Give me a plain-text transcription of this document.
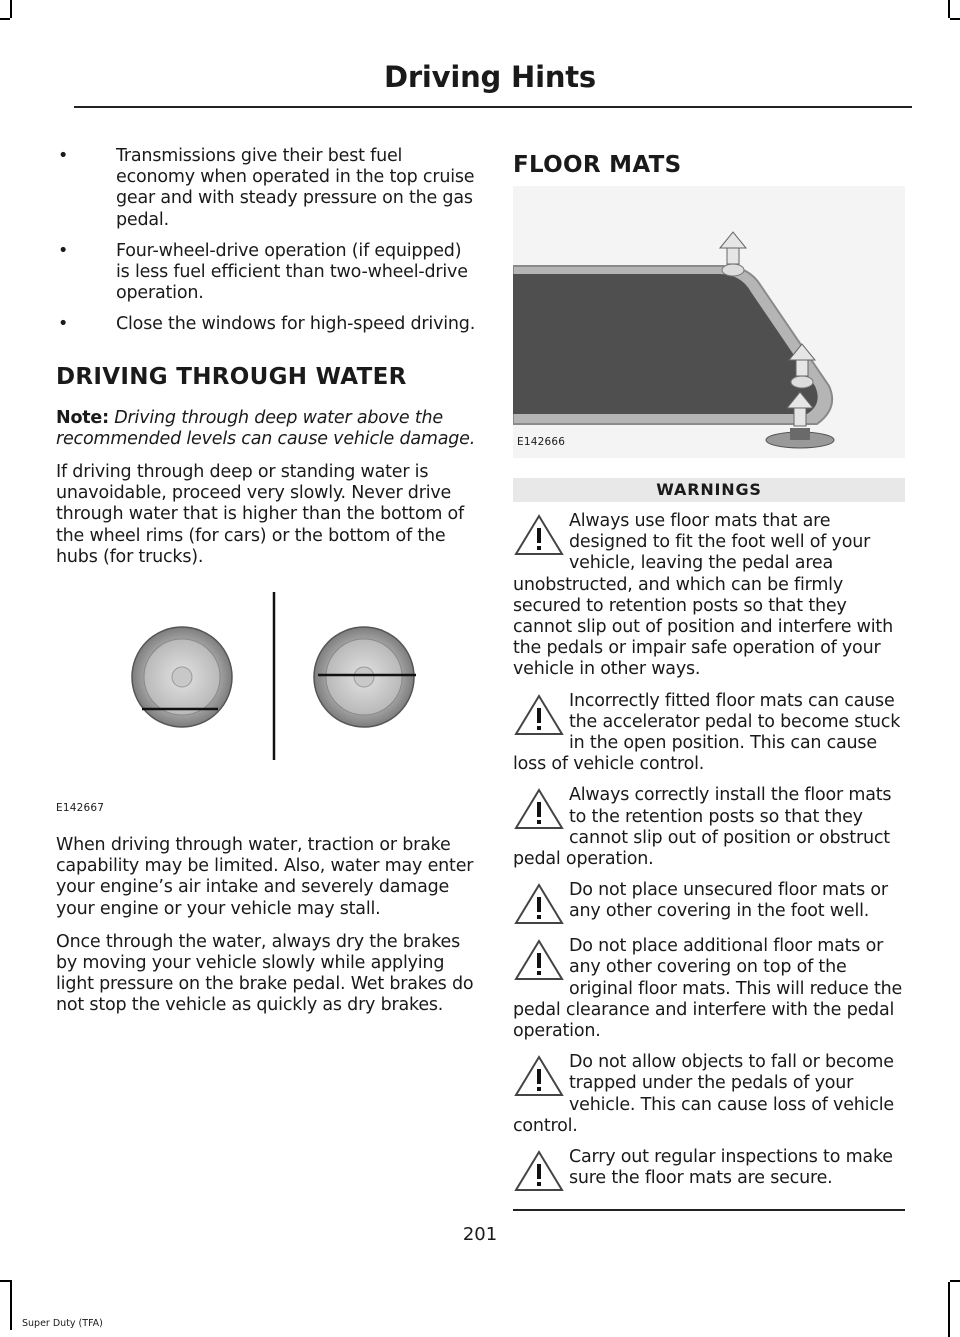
Driving Hints
•	Transmissions give their best fuel economy when operated in the top cruise gear and with steady pressure on the gas pedal.
•	Four-wheel-drive operation (if equipped) is less fuel efficient than two-wheel-drive operation.
•	Close the windows for high-speed driving.
DRIVING THROUGH WATER

Note: Driving through deep water above the recommended levels can cause vehicle damage.

If driving through deep or standing water is unavoidable, proceed very slowly. Never drive through water that is higher than the bottom of the wheel rims (for cars) or the bottom of the hubs (for trucks).

E142667

When driving through water, traction or brake capability may be limited. Also, water may enter your engine’s air intake and severely damage your engine or your vehicle may stall.

Once through the water, always dry the brakes by moving your vehicle slowly while applying light pressure on the brake pedal. Wet brakes do not stop the vehicle as quickly as dry brakes.

FLOOR MATS
E142666
WARNINGS

Always use floor mats that are designed to fit the foot well of your vehicle, leaving the pedal area unobstructed, and which can be firmly secured to retention posts so that they cannot slip out of position and interfere with the pedals or impair safe operation of your vehicle in other ways.

Incorrectly fitted floor mats can cause the accelerator pedal to become stuck in the open position. This can cause loss of vehicle control.

Always correctly install the floor mats to the retention posts so that they cannot slip out of position or obstruct pedal operation.

Do not place unsecured floor mats or any other covering in the foot well.

Do not place additional floor mats or any other covering on top of the original floor mats. This will reduce the pedal clearance and interfere with the pedal operation.

Do not allow objects to fall or become trapped under the pedals of your vehicle. This can cause loss of vehicle control.

Carry out regular inspections to make sure the floor mats are secure.

201
Super Duty (TFA)
